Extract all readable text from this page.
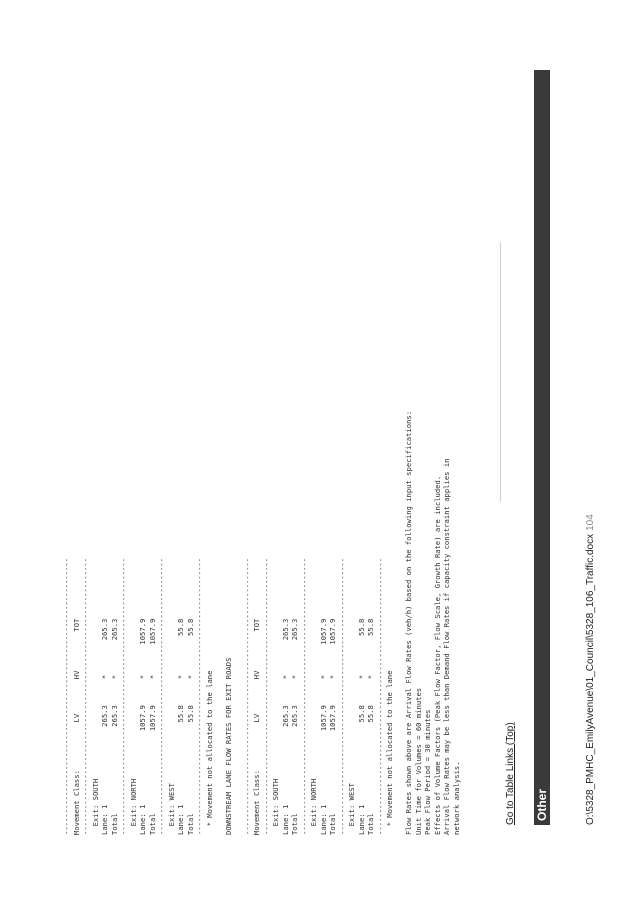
----------------------------------------------------------------
Movement Class:           LV        HV         TOT
----------------------------------------------------------------
Exit: SOUTH
Lane: 1                  265.3      *        265.3
Total                    265.3      *        265.3
----------------------------------------------------------------
Exit: NORTH
Lane: 1                 1057.9      *       1057.9
Total                   1057.9      *       1057.9
----------------------------------------------------------------
Exit: WEST
Lane: 1                   55.8      *         55.8
Total                     55.8      *         55.8
----------------------------------------------------------------
* Movement not allocated to the lane DOWNSTREAM LANE FLOW RATES FOR EXIT ROADS ----------------------------------------------------------------
Movement Class:           LV        HV         TOT
----------------------------------------------------------------
Exit: SOUTH
Lane: 1                  265.3      *        265.3
Total                    265.3      *        265.3
----------------------------------------------------------------
Exit: NORTH
Lane: 1                 1057.9      *       1057.9
Total                   1057.9      *       1057.9
----------------------------------------------------------------
Exit: WEST
Lane: 1                   55.8      *         55.8
Total                     55.8      *         55.8
----------------------------------------------------------------
* Movement not allocated to the lane Flow Rates shown above are Arrival Flow Rates (veh/h) based on the following input specifications:
Unit Time for Volumes = 60 minutes
Peak Flow Period = 30 minutes
Effects of Volume Factors (Peak Flow Factor, Flow Scale, Growth Rate) are included.
Arrival Flow Rates may be less than Demand Flow Rates if capacity constraint applies in
network analysis.	Go to Table Links (Top) Other	O:\5328_PMHC_EmilyAvenue\01_Council\5328_106_Traffic.docx104
